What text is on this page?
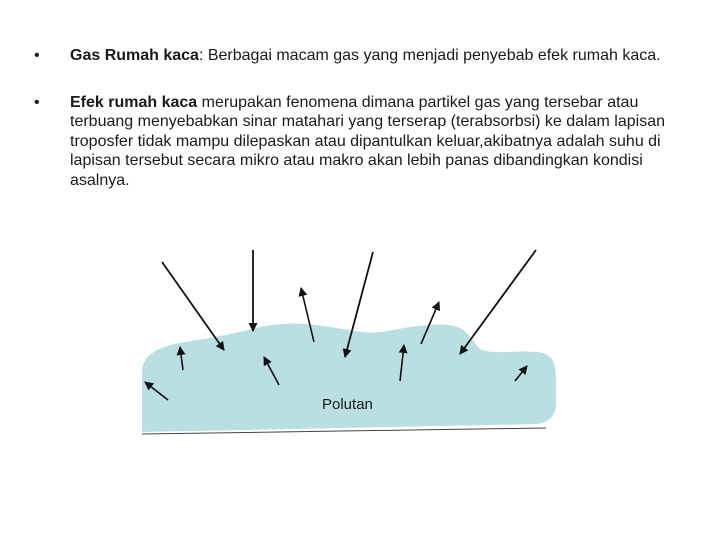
• Gas Rumah kaca: Berbagai macam gas yang menjadi penyebab efek rumah kaca.
• Efek rumah kaca merupakan fenomena dimana partikel gas yang tersebar atau terbuang menyebabkan sinar matahari yang terserap (terabsorbsi) ke dalam lapisan troposfer tidak mampu dilepaskan atau dipantulkan keluar,akibatnya adalah suhu di lapisan tersebut secara mikro atau makro akan lebih panas dibandingkan kondisi asalnya.
Polutan
